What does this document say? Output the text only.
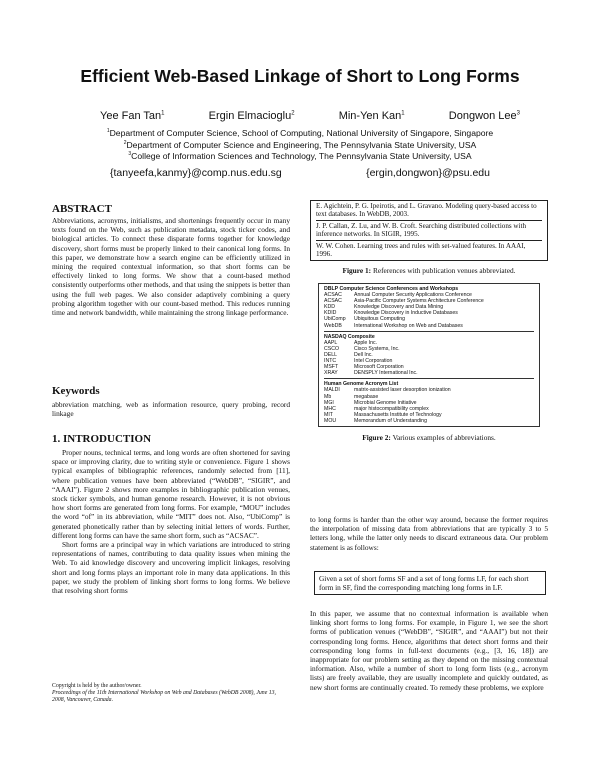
Efficient Web-Based Linkage of Short to Long Forms
Yee Fan Tan$^1$	Ergin Elmacioglu$^2$	Min-Yen Kan$^1$	Dongwon Lee$^3$
$^1$Department of Computer Science, School of Computing, National University of Singapore, Singapore
$^2$Department of Computer Science and Engineering, The Pennsylvania State University, USA
$^3$College of Information Sciences and Technology, The Pennsylvania State University, USA
{tanyeefa,kanmy}@comp.nus.edu.sg	{ergin,dongwon}@psu.edu
ABSTRACT

Abbreviations, acronyms, initialisms, and shortenings frequently occur in many texts found on the Web, such as publication metadata, stock ticker codes, and biological articles. To connect these disparate forms together for knowledge discovery, short forms must be properly linked to their canonical long forms. In this paper, we demonstrate how a search engine can be efficiently utilized in mining the required contextual information, so that short forms can be effectively linked to long forms. We show that a count-based method consistently outperforms other methods, and that using the snippets is better than using the full web pages. We also consider adaptively combining a query probing algorithm together with our count-based method. This reduces running time and network bandwidth, while maintaining the strong linkage performance.

Keywords

abbreviation matching, web as information resource, query probing, record linkage

1. INTRODUCTION

Proper nouns, technical terms, and long words are often shortened for saving space or improving clarity, due to writing style or convenience. Figure 1 shows typical examples of bibliographic references, randomly selected from [11], where publication venues have been abbreviated (“WebDB”, “SIGIR”, and “AAAI”). Figure 2 shows more examples in bibliographic publication venues, stock ticker symbols, and human genome research. However, it is not obvious how short forms are generated from long forms. For example, “MOU” includes the word “of” in its abbreviation, while “MIT” does not. Also, “UbiComp” is generated phonetically rather than by selecting initial letters of words. Further, different long forms can have the same short form, such as “ACSAC”.

Short forms are a principal way in which variations are introduced to string representations of names, contributing to data quality issues when mining the Web. To aid knowledge discovery and uncovering implicit linkages, resolving short and long forms plays an important role in many data applications. In this paper, we study the problem of linking short forms to long forms. We believe that resolving short forms

Copyright is held by the author/owner.
Proceedings of the 11th International Workshop on Web and Databases (WebDB 2008), June 13, 2008, Vancouver, Canada.
E. Agichtein, P. G. Ipeirotis, and L. Gravano. Modeling query-based access to text databases. In WebDB, 2003.
J. P. Callan, Z. Lu, and W. B. Croft. Searching distributed collections with inference networks. In SIGIR, 1995.
W. W. Cohen. Learning trees and rules with set-valued features. In AAAI, 1996.
Figure 1: References with publication venues abbreviated.
DBLP Computer Science Conferences and Workshops
ACSAC	Annual Computer Security Applications Conference
ACSAC	Asia-Pacific Computer Systems Architecture Conference
KDD	Knowledge Discovery and Data Mining
KDID	Knowledge Discovery in Inductive Databases
UbiComp	Ubiquitous Computing
WebDB	International Workshop on Web and Databases
NASDAQ Composite
AAPL	Apple Inc.
CSCO	Cisco Systems, Inc.
DELL	Dell Inc.
INTC	Intel Corporation
MSFT	Microsoft Corporation
XRAY	DENSPLY International Inc.
Human Genome Acronym List
MALDI	matrix-assisted laser desorption ionization
Mb	megabase
MGI	Microbial Genome Initiative
MHC	major histocompatibility complex
MIT	Massachusetts Institute of Technology
MOU	Memorandum of Understanding
Figure 2: Various examples of abbreviations.

to long forms is harder than the other way around, because the former requires the interpolation of missing data from abbreviations that are typically 3 to 5 letters long, while the latter only needs to discard extraneous data. Our problem statement is as follows:

Given a set of short forms SF and a set of long forms LF, for each short form in SF, find the corresponding matching long forms in LF.

In this paper, we assume that no contextual information is available when linking short forms to long forms. For example, in Figure 1, we see the short forms of publication venues (“WebDB”, “SIGIR”, and “AAAI”) but not their corresponding long forms. Hence, algorithms that detect short forms and their corresponding long forms in full-text documents (e.g., [3, 16, 18]) are inappropriate for our problem setting as they depend on the missing contextual information. Also, while a number of short to long form lists (e.g., acronym lists) are freely available, they are usually incomplete and quickly outdated, as new short forms are continually created. To remedy these problems, we explore
